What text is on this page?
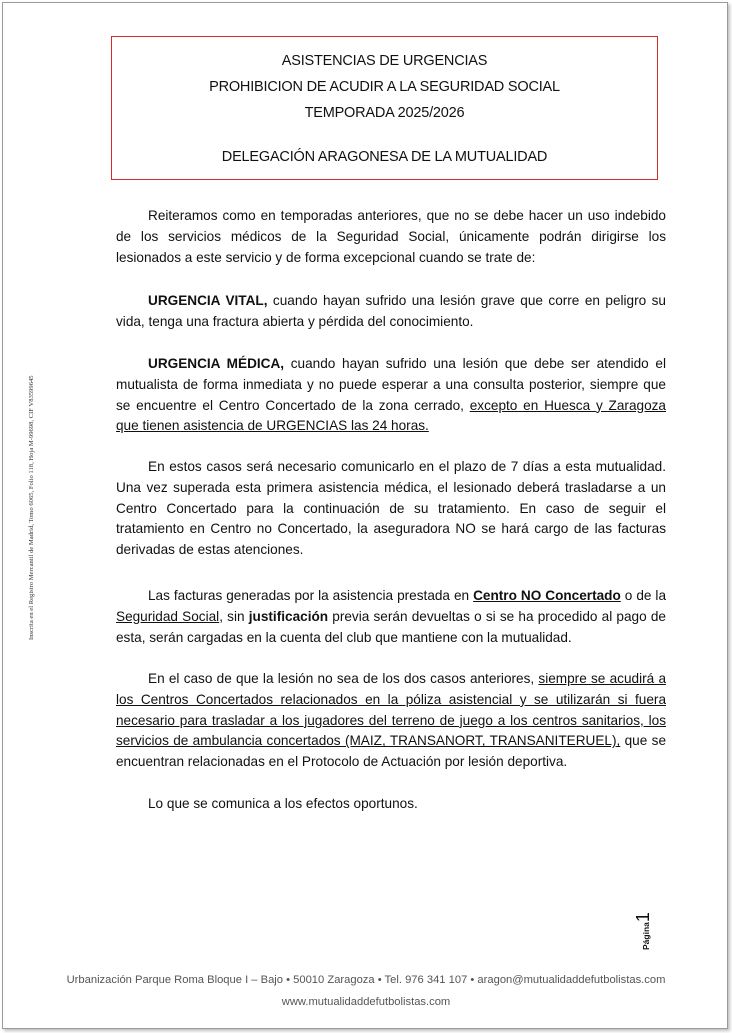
ASISTENCIAS DE URGENCIAS
PROHIBICION DE ACUDIR A LA SEGURIDAD SOCIAL
TEMPORADA 2025/2026
DELEGACIÓN ARAGONESA DE LA MUTUALIDAD
Inscrita en el Registro Mercantil de Madrid, Tomo 6065, Folio 118, Hoja M-99698, CIF V83599645
Reiteramos como en temporadas anteriores, que no se debe hacer un uso indebido de los servicios médicos de la Seguridad Social, únicamente podrán dirigirse los lesionados a este servicio y de forma excepcional cuando se trate de:
URGENCIA VITAL, cuando hayan sufrido una lesión grave que corre en peligro su vida, tenga una fractura abierta y pérdida del conocimiento.
URGENCIA MÉDICA, cuando hayan sufrido una lesión que debe ser atendido el mutualista de forma inmediata y no puede esperar a una consulta posterior, siempre que se encuentre el Centro Concertado de la zona cerrado, excepto en Huesca y Zaragoza que tienen asistencia de URGENCIAS las 24 horas.
En estos casos será necesario comunicarlo en el plazo de 7 días a esta mutualidad. Una vez superada esta primera asistencia médica, el lesionado deberá trasladarse a un Centro Concertado para la continuación de su tratamiento. En caso de seguir el tratamiento en Centro no Concertado, la aseguradora NO se hará cargo de las facturas derivadas de estas atenciones.
Las facturas generadas por la asistencia prestada en Centro NO Concertado o de la Seguridad Social, sin justificación previa serán devueltas o si se ha procedido al pago de esta, serán cargadas en la cuenta del club que mantiene con la mutualidad.
En el caso de que la lesión no sea de los dos casos anteriores, siempre se acudirá a los Centros Concertados relacionados en la póliza asistencial y se utilizarán si fuera necesario para trasladar a los jugadores del terreno de juego a los centros sanitarios, los servicios de ambulancia concertados (MAIZ, TRANSANORT, TRANSANITERUEL), que se encuentran relacionadas en el Protocolo de Actuación por lesión deportiva.
Lo que se comunica a los efectos oportunos.
Página1
Urbanización Parque Roma Bloque I – Bajo • 50010 Zaragoza • Tel. 976 341 107 • aragon@mutualidaddefutbolistas.com
www.mutualidaddefutbolistas.com
